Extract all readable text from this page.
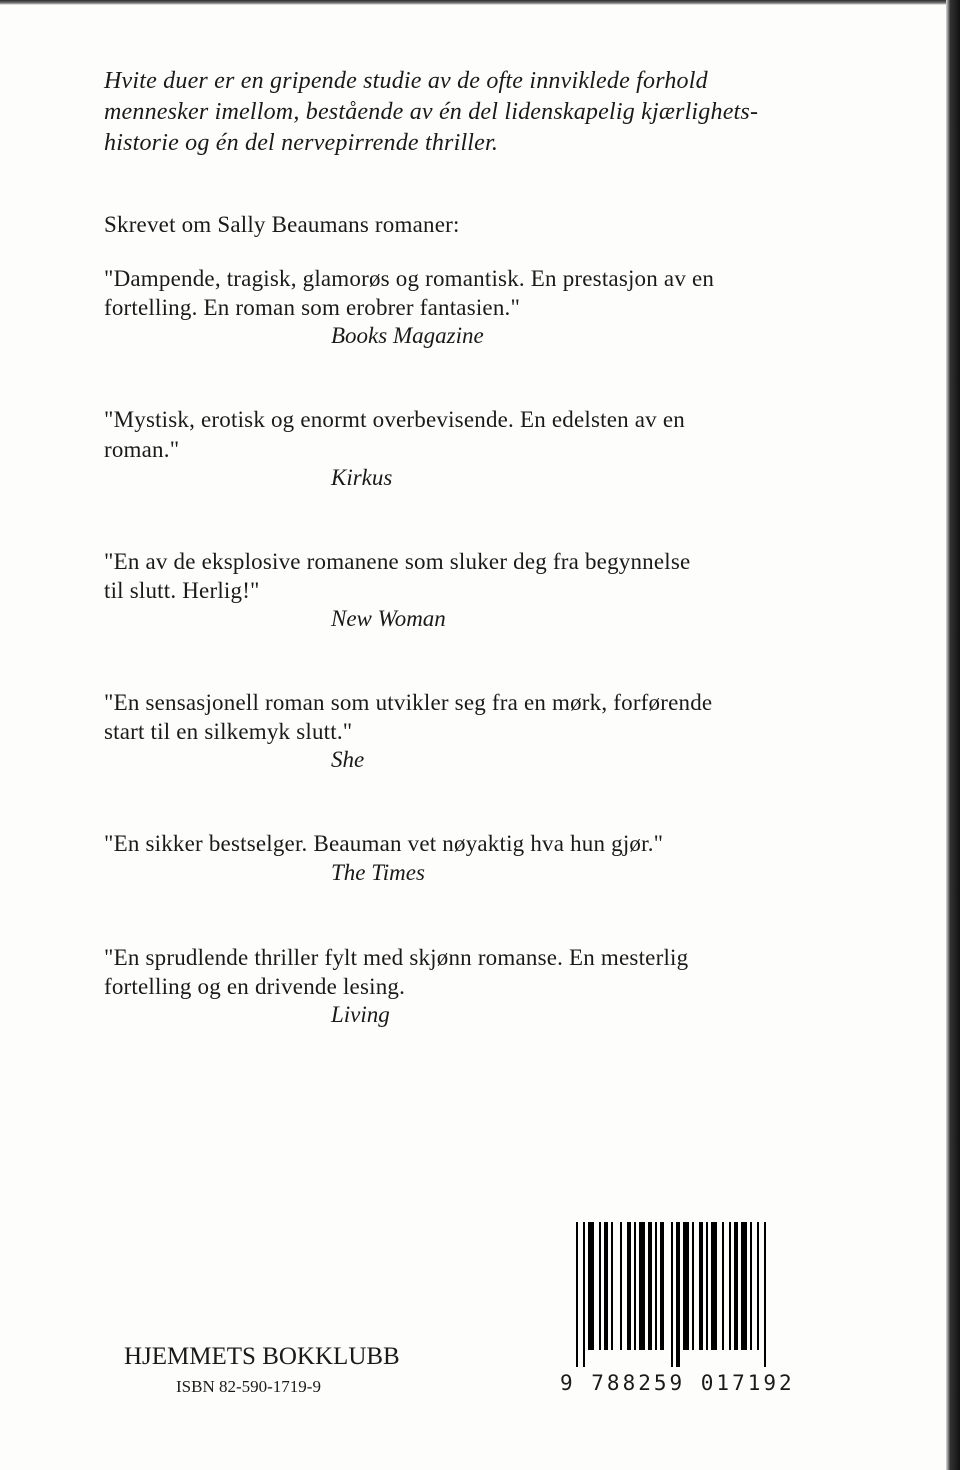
Hvite duer er en gripende studie av de ofte innviklede forhold
mennesker imellom, bestående av én del lidenskapelig kjærlighets-
historie og én del nervepirrende thriller.
Skrevet om Sally Beaumans romaner:
"Dampende, tragisk, glamorøs og romantisk. En prestasjon av en
fortelling. En roman som erobrer fantasien."
Books Magazine
"Mystisk, erotisk og enormt overbevisende. En edelsten av en
roman."
Kirkus
"En av de eksplosive romanene som sluker deg fra begynnelse
til slutt. Herlig!"
New Woman
"En sensasjonell roman som utvikler seg fra en mørk, forførende
start til en silkemyk slutt."
She
"En sikker bestselger. Beauman vet nøyaktig hva hun gjør."
The Times
"En sprudlende thriller fylt med skjønn romanse. En mesterlig
fortelling og en drivende lesing.
Living
HJEMMETS BOKKLUBB
ISBN 82-590-1719-9	9 788259 017192
